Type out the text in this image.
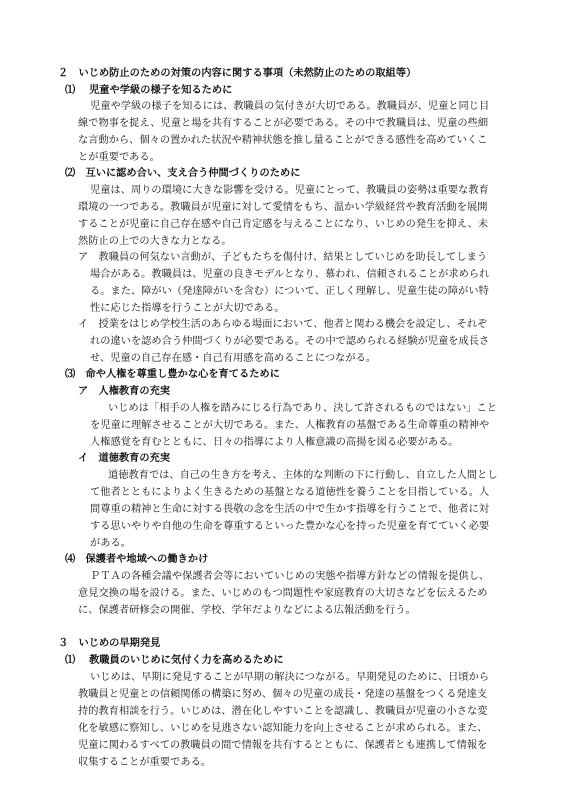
２　いじめ防止のための対策の内容に関する事項（未然防止のための取組等）
⑴　 児童や学級の様子を知るために
児童や学級の様子を知るには、教職員の気付きが大切である。教職員が、児童と同じ目
線で物事を捉え、児童と場を共有することが必要である。その中で教職員は、児童の些細
な言動から、個々の置かれた状況や精神状態を推し量ることができる感性を高めていくこ
とが重要である。
⑵　互いに認め合い、支え合う仲間づくりのために
児童は、周りの環境に大きな影響を受ける。児童にとって、教職員の姿勢は重要な教育
環境の一つである。教職員が児童に対して愛情をもち、温かい学級経営や教育活動を展開
することが児童に自己存在感や自己肯定感を与えることになり、いじめの発生を抑え、未
然防止の上での大きな力となる。
ア　教職員の何気ない言動が、子どもたちを傷付け、結果としていじめを助長してしまう
場合がある。教職員は、児童の良きモデルとなり、慕われ、信頼されることが求められ
る。また、障がい（発達障がいを含む）について、正しく理解し、児童生徒の障がい特
性に応じた指導を行うことが大切である。
イ　授業をはじめ学校生活のあらゆる場面において、他者と関わる機会を設定し、それぞ
れの違いを認め合う仲間づくりが必要である。その中で認められる経験が児童を成長さ
せ、児童の自己存在感・自己有用感を高めることにつながる。
⑶　命や人権を尊重し豊かな心を育てるために
ア　人権教育の充実
いじめは「相手の人権を踏みにじる行為であり、決して許されるものではない」こと
を児童に理解させることが大切である。また、人権教育の基盤である生命尊重の精神や
人権感覚を育むとともに、日々の指導により人権意識の高揚を図る必要がある。
イ　道徳教育の充実
道徳教育では、自己の生き方を考え、主体的な判断の下に行動し、自立した人間とし
て他者とともによりよく生きるための基盤となる道徳性を養うことを目指している。人
間尊重の精神と生命に対する畏敬の念を生活の中で生かす指導を行うことで、他者に対
する思いやりや自他の生命を尊重するといった豊かな心を持った児童を育てていく必要
がある。
⑷　保護者や地域への働きかけ
ＰＴＡの各種会議や保護者会等においていじめの実態や指導方針などの情報を提供し、
意見交換の場を設ける。また、いじめのもつ問題性や家庭教育の大切さなどを伝えるため
に、保護者研修会の開催、学校、学年だよりなどによる広報活動を行う。
３　いじめの早期発見
⑴　 教職員のいじめに気付く力を高めるために
いじめは、早期に発見することが早期の解決につながる。早期発見のために、日頃から
教職員と児童との信頼関係の構築に努め、個々の児童の成長・発達の基盤をつくる発達支
持的教育相談を行う。いじめは、潜在化しやすいことを認識し、教職員が児童の小さな変
化を敏感に察知し、いじめを見逃さない認知能力を向上させることが求められる。また、
児童に関わるすべての教職員の間で情報を共有するとともに、保護者とも連携して情報を
収集することが重要である。
